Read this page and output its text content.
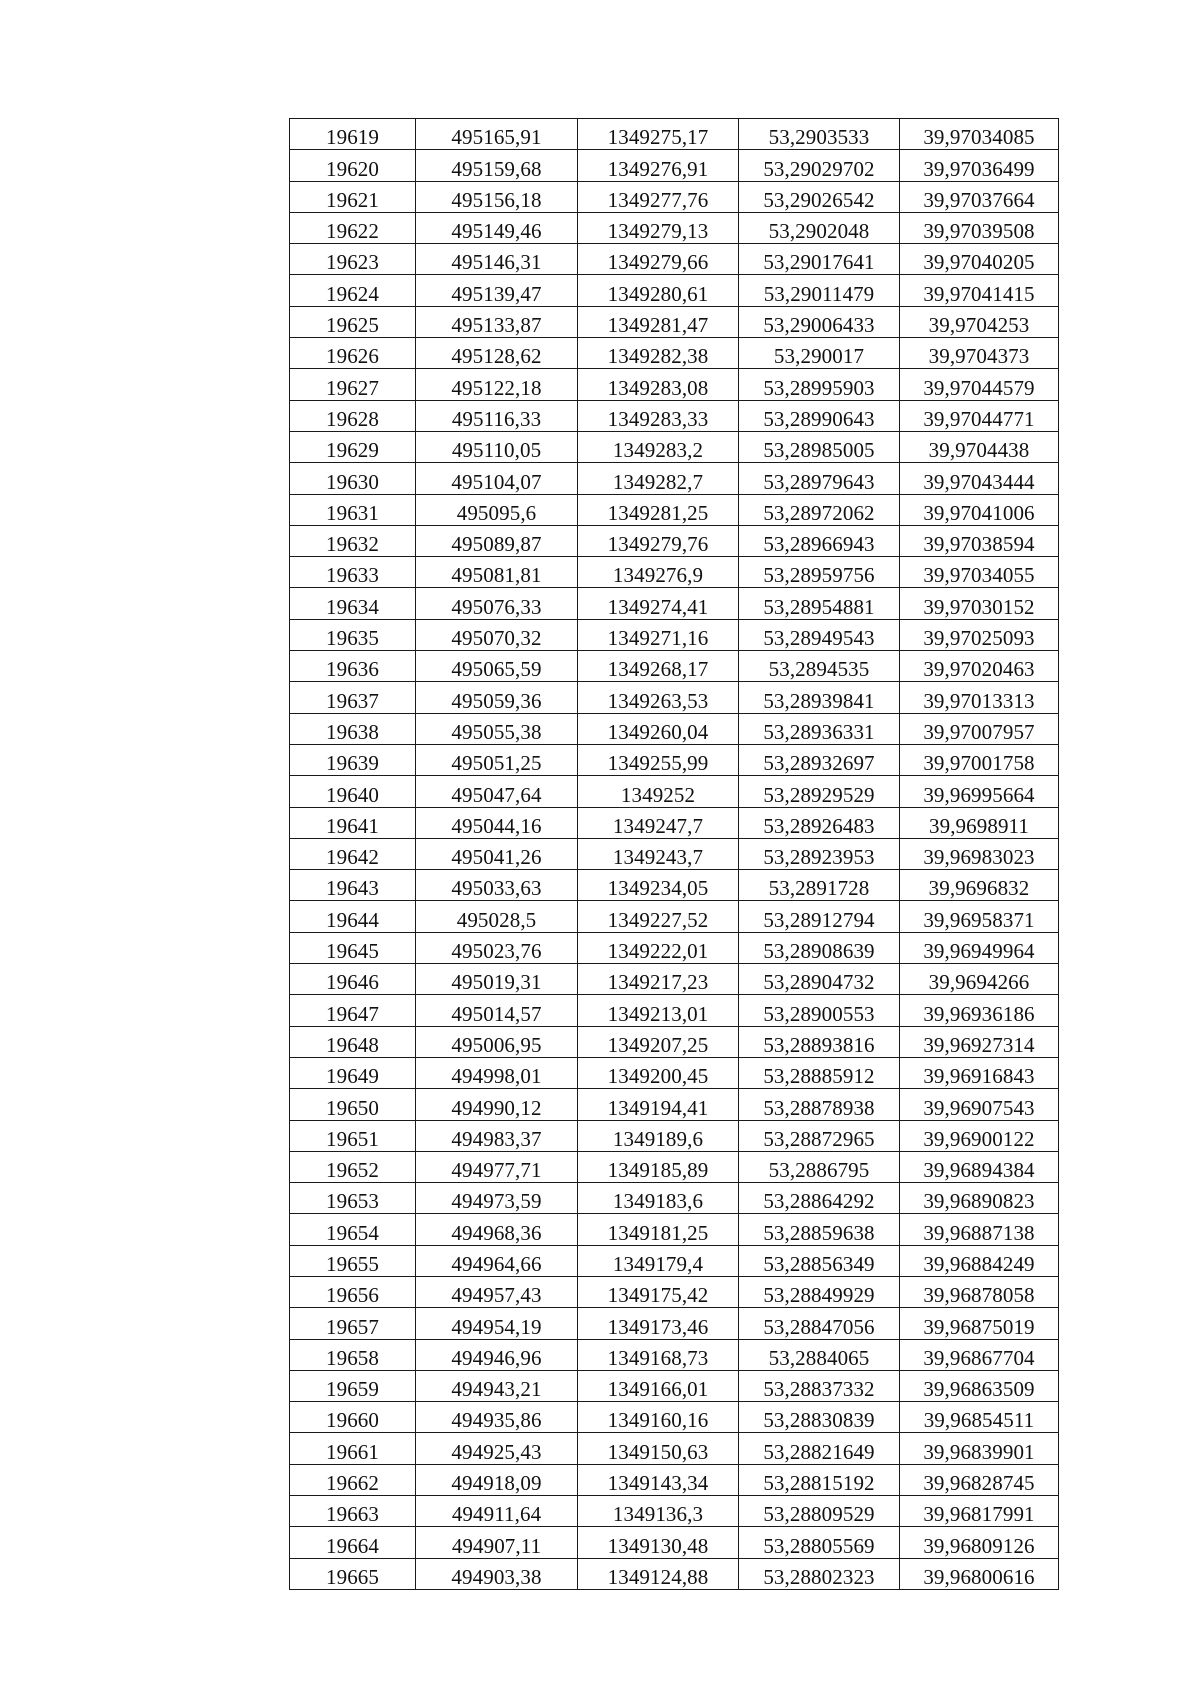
19619	495165,91	1349275,17	53,2903533	39,97034085
19620	495159,68	1349276,91	53,29029702	39,97036499
19621	495156,18	1349277,76	53,29026542	39,97037664
19622	495149,46	1349279,13	53,2902048	39,97039508
19623	495146,31	1349279,66	53,29017641	39,97040205
19624	495139,47	1349280,61	53,29011479	39,97041415
19625	495133,87	1349281,47	53,29006433	39,9704253
19626	495128,62	1349282,38	53,290017	39,9704373
19627	495122,18	1349283,08	53,28995903	39,97044579
19628	495116,33	1349283,33	53,28990643	39,97044771
19629	495110,05	1349283,2	53,28985005	39,9704438
19630	495104,07	1349282,7	53,28979643	39,97043444
19631	495095,6	1349281,25	53,28972062	39,97041006
19632	495089,87	1349279,76	53,28966943	39,97038594
19633	495081,81	1349276,9	53,28959756	39,97034055
19634	495076,33	1349274,41	53,28954881	39,97030152
19635	495070,32	1349271,16	53,28949543	39,97025093
19636	495065,59	1349268,17	53,2894535	39,97020463
19637	495059,36	1349263,53	53,28939841	39,97013313
19638	495055,38	1349260,04	53,28936331	39,97007957
19639	495051,25	1349255,99	53,28932697	39,97001758
19640	495047,64	1349252	53,28929529	39,96995664
19641	495044,16	1349247,7	53,28926483	39,9698911
19642	495041,26	1349243,7	53,28923953	39,96983023
19643	495033,63	1349234,05	53,2891728	39,9696832
19644	495028,5	1349227,52	53,28912794	39,96958371
19645	495023,76	1349222,01	53,28908639	39,96949964
19646	495019,31	1349217,23	53,28904732	39,9694266
19647	495014,57	1349213,01	53,28900553	39,96936186
19648	495006,95	1349207,25	53,28893816	39,96927314
19649	494998,01	1349200,45	53,28885912	39,96916843
19650	494990,12	1349194,41	53,28878938	39,96907543
19651	494983,37	1349189,6	53,28872965	39,96900122
19652	494977,71	1349185,89	53,2886795	39,96894384
19653	494973,59	1349183,6	53,28864292	39,96890823
19654	494968,36	1349181,25	53,28859638	39,96887138
19655	494964,66	1349179,4	53,28856349	39,96884249
19656	494957,43	1349175,42	53,28849929	39,96878058
19657	494954,19	1349173,46	53,28847056	39,96875019
19658	494946,96	1349168,73	53,2884065	39,96867704
19659	494943,21	1349166,01	53,28837332	39,96863509
19660	494935,86	1349160,16	53,28830839	39,96854511
19661	494925,43	1349150,63	53,28821649	39,96839901
19662	494918,09	1349143,34	53,28815192	39,96828745
19663	494911,64	1349136,3	53,28809529	39,96817991
19664	494907,11	1349130,48	53,28805569	39,96809126
19665	494903,38	1349124,88	53,28802323	39,96800616
